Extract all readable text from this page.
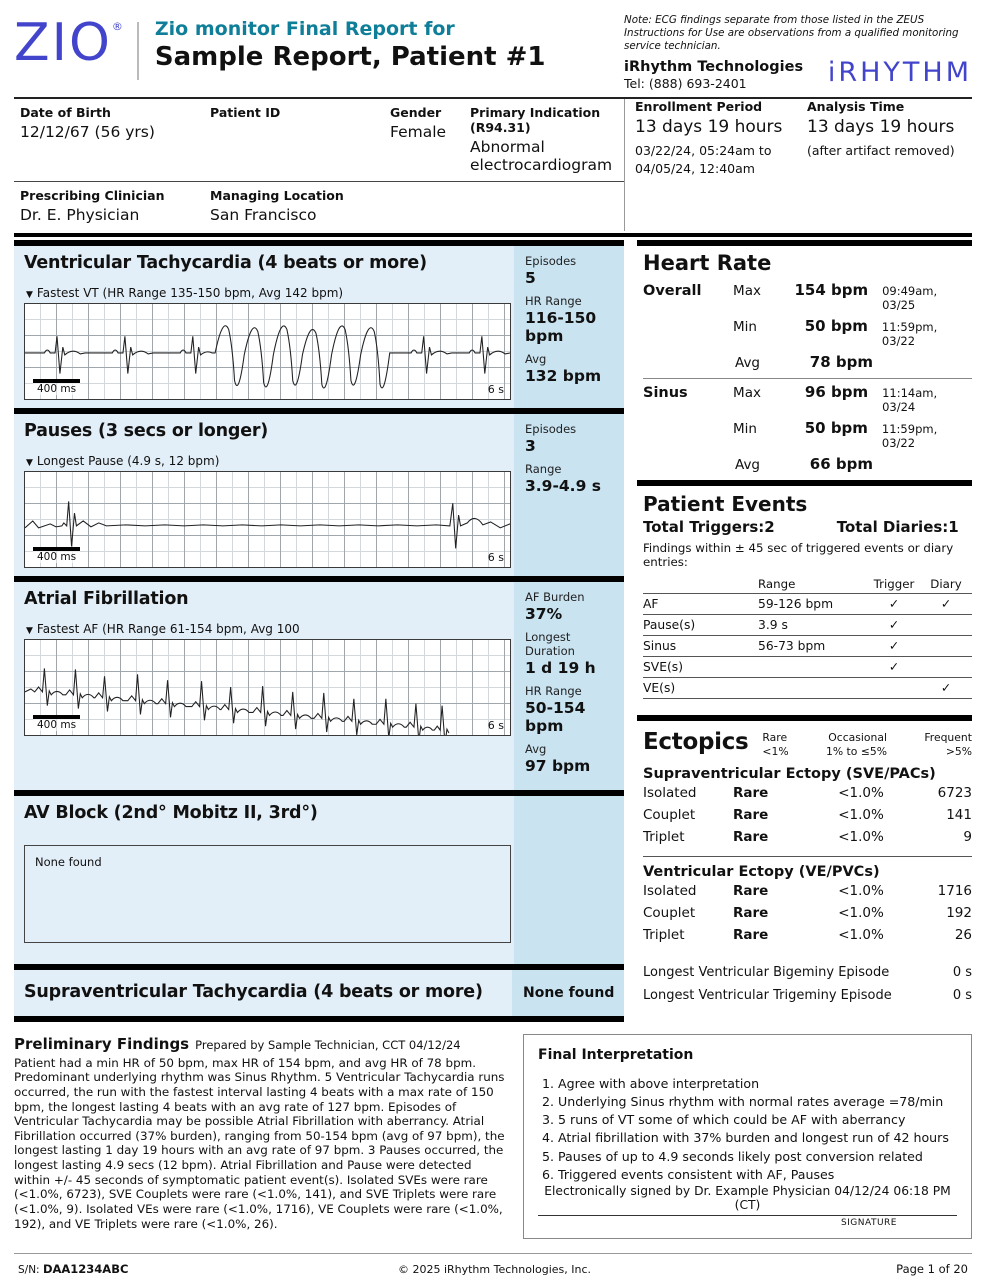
ZIO ® Zio monitor Final Report for
Sample Report, Patient #1
Note: ECG findings separate from those listed in the ZEUS Instructions for Use are observations from a qualified monitoring service technician.
iRhythm Technologies
Tel: (888) 693-2401	iRHYTHM
Date of Birth
12/12/67 (56 yrs)
Patient ID	Gender
Female
Primary Indication (R94.31)
Abnormal electrocardiogram
Prescribing Clinician
Dr. E. Physician
Managing Location
San Francisco
Enrollment Period
13 days 19 hours
03/22/24, 05:24am to
04/05/24, 12:40am
Analysis Time
13 days 19 hours
(after artifact removed)
Ventricular Tachycardia (4 beats or more)
▼ Fastest VT (HR Range 135-150 bpm, Avg 142 bpm)
400 ms	6 s
Episodes
5
HR Range
116-150 bpm
Avg
132 bpm
Pauses (3 secs or longer)
▼ Longest Pause (4.9 s, 12 bpm)
400 ms	6 s
Episodes
3
Range
3.9-4.9 s
Atrial Fibrillation
▼ Fastest AF (HR Range 61-154 bpm, Avg 100
400 ms	6 s
AF Burden
37%
Longest Duration
1 d 19 h
HR Range
50-154 bpm
Avg
97 bpm
AV Block (2nd° Mobitz II, 3rd°)
None found
Supraventricular Tachycardia (4 beats or more)	None found
Heart Rate
Overall	Max	154 bpm 09:49am, 03/25
Min	50 bpm 11:59pm, 03/22
Avg	78 bpm
Sinus	Max	96 bpm 11:14am, 03/24
Min	50 bpm 11:59pm, 03/22
Avg	66 bpm
Patient Events
Total Triggers:2	Total Diaries:1
Findings within ± 45 sec of triggered events or diary entries:
	Range	Trigger	Diary
AF	59-126 bpm	✓	✓
Pause(s)	3.9 s	✓	
Sinus	56-73 bpm	✓	
SVE(s)		✓	
VE(s)			✓
Ectopics Rare
<1%
Occasional
1% to ≤5%
Frequent
>5%
Supraventricular Ectopy (SVE/PACs)
Isolated	Rare	<1.0%	6723
Couplet	Rare	<1.0%	141
Triplet	Rare	<1.0%	9
Ventricular Ectopy (VE/PVCs)
Isolated	Rare	<1.0%	1716
Couplet	Rare	<1.0%	192
Triplet	Rare	<1.0%	26
Longest Ventricular Bigeminy Episode	0 s
Longest Ventricular Trigeminy Episode	0 s
Preliminary Findings Prepared by Sample Technician, CCT 04/12/24
Patient had a min HR of 50 bpm, max HR of 154 bpm, and avg HR of 78 bpm. Predominant underlying rhythm was Sinus Rhythm. 5 Ventricular Tachycardia runs occurred, the run with the fastest interval lasting 4 beats with a max rate of 150 bpm, the longest lasting 4 beats with an avg rate of 127 bpm. Episodes of Ventricular Tachycardia may be possible Atrial Fibrillation with aberrancy. Atrial Fibrillation occurred (37% burden), ranging from 50-154 bpm (avg of 97 bpm), the longest lasting 1 day 19 hours with an avg rate of 97 bpm. 3 Pauses occurred, the longest lasting 4.9 secs (12 bpm). Atrial Fibrillation and Pause were detected within +/- 45 seconds of symptomatic patient event(s). Isolated SVEs were rare (<1.0%, 6723), SVE Couplets were rare (<1.0%, 141), and SVE Triplets were rare (<1.0%, 9). Isolated VEs were rare (<1.0%, 1716), VE Couplets were rare (<1.0%, 192), and VE Triplets were rare (<1.0%, 26).
Final Interpretation
1. Agree with above interpretation
2. Underlying Sinus rhythm with normal rates average =78/min
3. 5 runs of VT some of which could be AF with aberrancy
4. Atrial fibrillation with 37% burden and longest run of 42 hours
5. Pauses of up to 4.9 seconds likely post conversion related
6. Triggered events consistent with AF, Pauses
Electronically signed by Dr. Example Physician 04/12/24 06:18 PM (CT)
SIGNATURE
S/N: DAA1234ABC	© 2025 iRhythm Technologies, Inc.	Page 1 of 20
